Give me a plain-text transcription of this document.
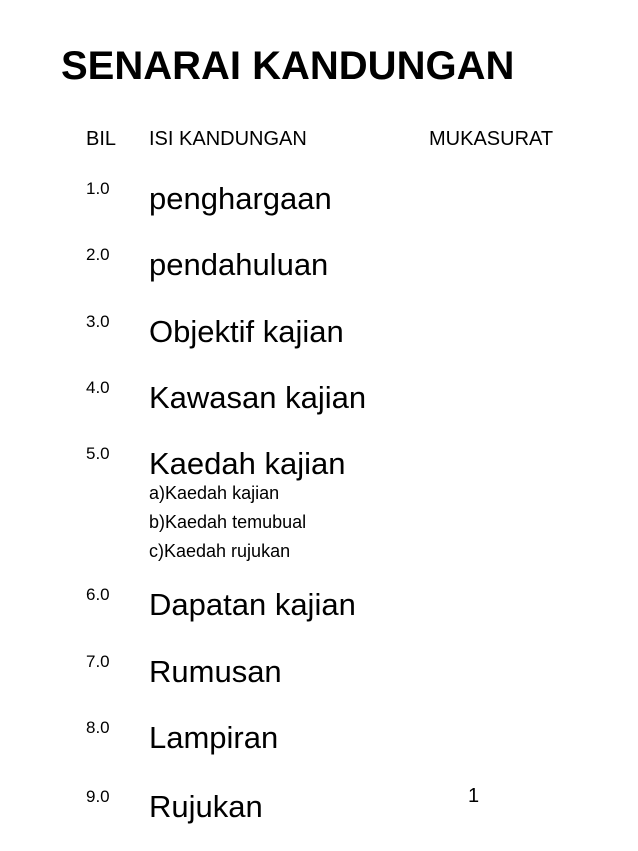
SENARAI KANDUNGAN
BIL ISI KANDUNGAN	MUKASURAT
1.0 penghargaan
2.0 pendahuluan
3.0 Objektif kajian
4.0 Kawasan kajian
5.0 Kaedah kajian
a)Kaedah kajian
b)Kaedah temubual
c)Kaedah rujukan
6.0 Dapatan kajian
7.0 Rumusan
8.0 Lampiran
9.0 Rujukan	1
